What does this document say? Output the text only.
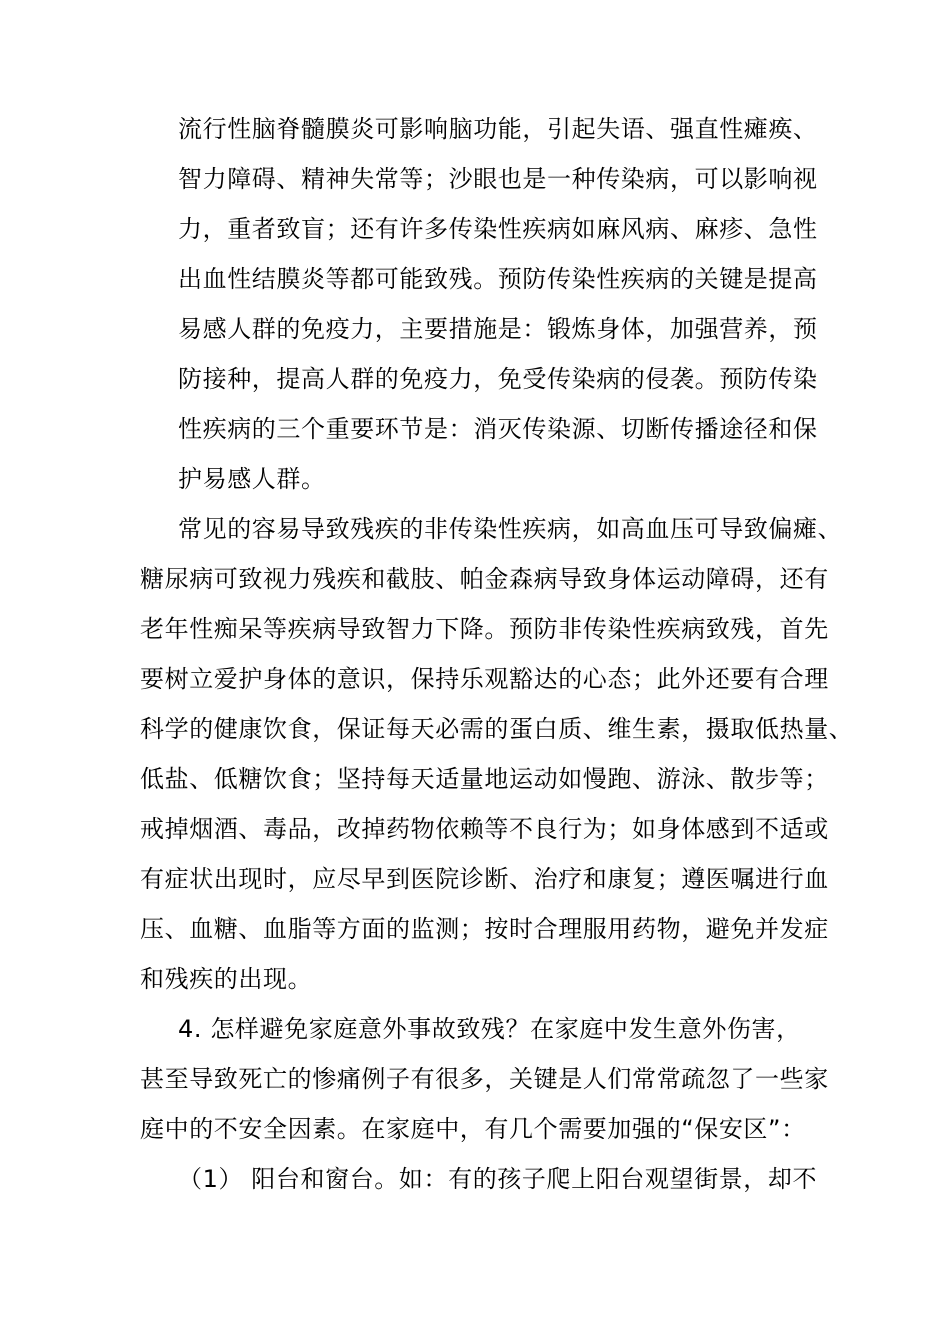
流行性脑脊髓膜炎可影响脑功能，引起失语、强直性瘫痪、
智力障碍、精神失常等；沙眼也是一种传染病，可以影响视
力，重者致盲；还有许多传染性疾病如麻风病、麻疹、急性
出血性结膜炎等都可能致残。预防传染性疾病的关键是提高
易感人群的免疫力，主要措施是：锻炼身体，加强营养，预
防接种，提高人群的免疫力，免受传染病的侵袭。预防传染
性疾病的三个重要环节是：消灭传染源、切断传播途径和保
护易感人群。
常见的容易导致残疾的非传染性疾病，如高血压可导致偏瘫、
糖尿病可致视力残疾和截肢、帕金森病导致身体运动障碍，还有
老年性痴呆等疾病导致智力下降。预防非传染性疾病致残，首先
要树立爱护身体的意识，保持乐观豁达的心态；此外还要有合理
科学的健康饮食，保证每天必需的蛋白质、维生素，摄取低热量、
低盐、低糖饮食；坚持每天适量地运动如慢跑、游泳、散步等；
戒掉烟酒、毒品，改掉药物依赖等不良行为；如身体感到不适或
有症状出现时，应尽早到医院诊断、治疗和康复；遵医嘱进行血
压、血糖、血脂等方面的监测；按时合理服用药物，避免并发症
和残疾的出现。
4. 怎样避免家庭意外事故致残？在家庭中发生意外伤害，
甚至导致死亡的惨痛例子有很多，关键是人们常常疏忽了一些家
庭中的不安全因素。在家庭中，有几个需要加强的“保安区”：
（1） 阳台和窗台。如：有的孩子爬上阳台观望街景，却不
